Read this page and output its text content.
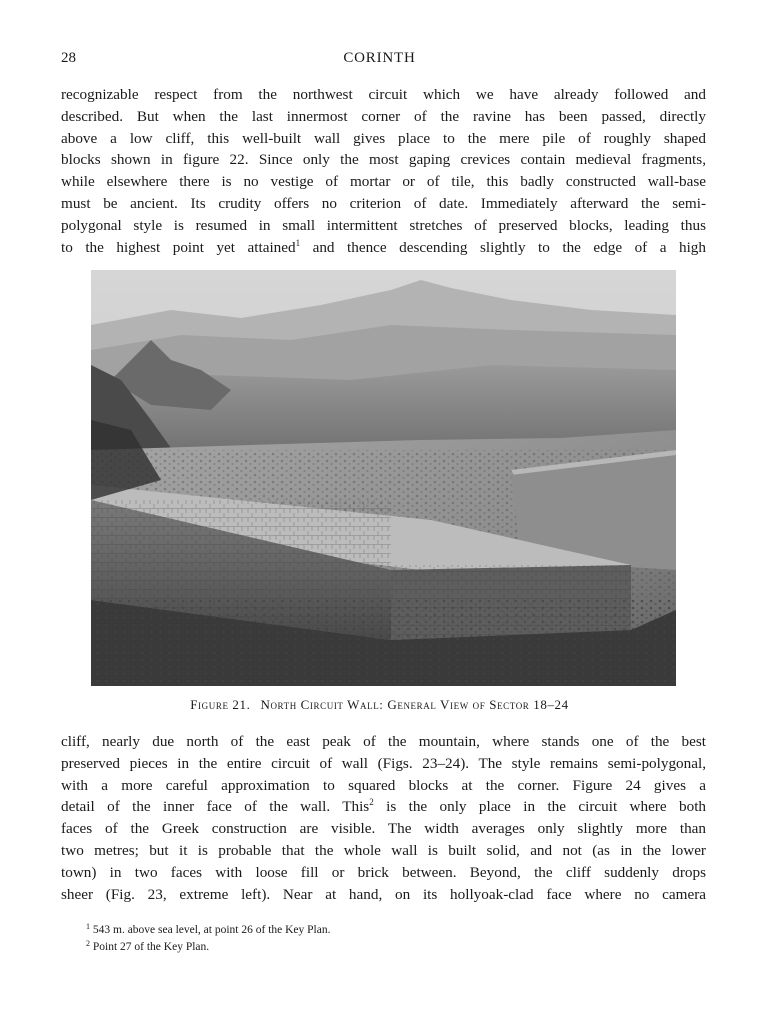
28	CORINTH
recognizable respect from the northwest circuit which we have already followed and
described. But when the last innermost corner of the ravine has been passed, directly
above a low cliff, this well-built wall gives place to the mere pile of roughly shaped
blocks shown in figure 22. Since only the most gaping crevices contain medieval fragments,
while elsewhere there is no vestige of mortar or of tile, this badly constructed wall-base
must be ancient. Its crudity offers no criterion of date. Immediately afterward the semi-
polygonal style is resumed in small intermittent stretches of preserved blocks, leading thus
to the highest point yet attained$^1$ and thence descending slightly to the edge of a high
Figure 21. North Circuit Wall: General View of Sector 18–24
cliff, nearly due north of the east peak of the mountain, where stands one of the best
preserved pieces in the entire circuit of wall (Figs. 23–24). The style remains semi-polygonal,
with a more careful approximation to squared blocks at the corner. Figure 24 gives a
detail of the inner face of the wall. This$^2$ is the only place in the circuit where both
faces of the Greek construction are visible. The width averages only slightly more than
two metres; but it is probable that the whole wall is built solid, and not (as in the lower
town) in two faces with loose fill or brick between. Beyond, the cliff suddenly drops
sheer (Fig. 23, extreme left). Near at hand, on its hollyoak-clad face where no camera
$^1$ 543 m. above sea level, at point 26 of the Key Plan.
$^2$ Point 27 of the Key Plan.
